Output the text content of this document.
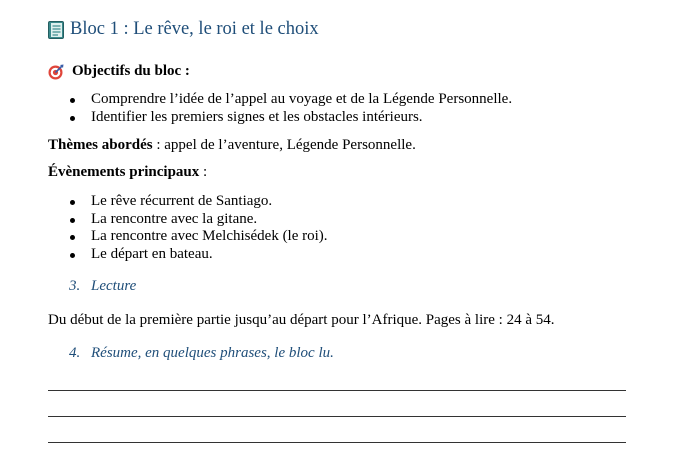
Bloc 1 : Le rêve, le roi et le choix
Objectifs du bloc :
Comprendre l’idée de l’appel au voyage et de la Légende Personnelle.
Identifier les premiers signes et les obstacles intérieurs.
Thèmes abordés : appel de l’aventure, Légende Personnelle.
Évènements principaux :
Le rêve récurrent de Santiago.
La rencontre avec la gitane.
La rencontre avec Melchisédek (le roi).
Le départ en bateau.
3. Lecture
Du début de la première partie jusqu’au départ pour l’Afrique. Pages à lire : 24 à 54.
4. Résume, en quelques phrases, le bloc lu.
